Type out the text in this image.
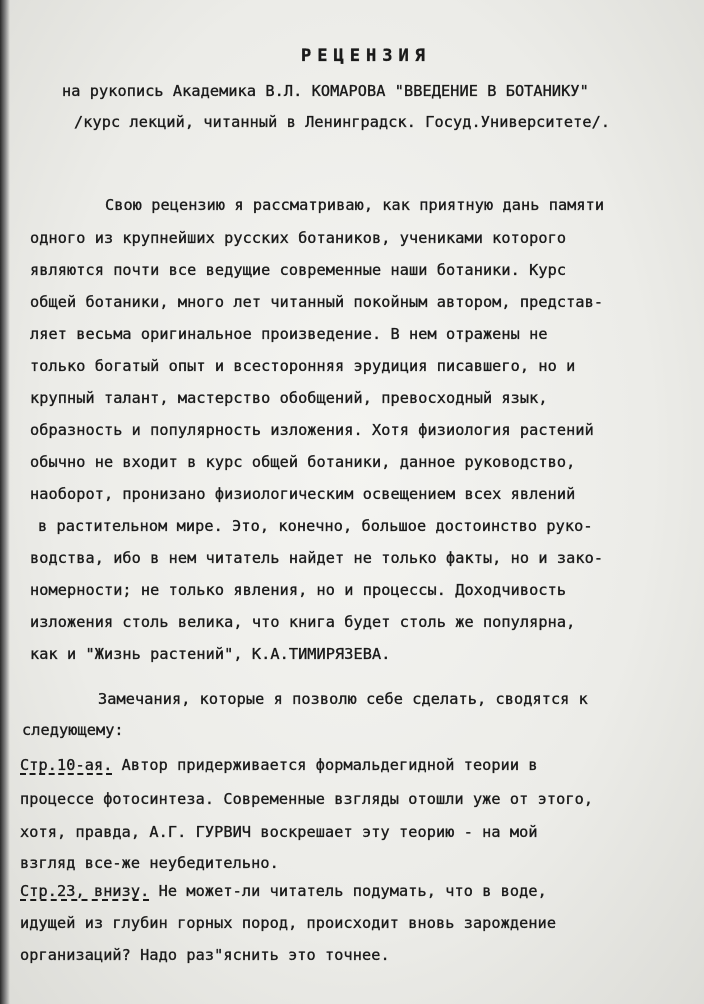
РЕЦЕНЗИЯ
на рукопись Академика В.Л. КОМАРОВА "ВВЕДЕНИЕ В БОТАНИКУ"
/курс лекций, читанный в Ленинградск. Госуд.Университете/.
Свою рецензию я рассматриваю, как приятную дань памяти
одного из крупнейших русских ботаников, учениками которого
являются почти все ведущие современные наши ботаники. Курс
общей ботаники, много лет читанный покойным автором, представ-
ляет весьма оригинальное произведение. В нем отражены не
только богатый опыт и всесторонняя эрудиция писавшего, но и
крупный талант, мастерство обобщений, превосходный язык,
образность и популярность изложения. Хотя физиология растений
обычно не входит в курс общей ботаники, данное руководство,
наоборот, пронизано физиологическим освещением всех явлений
в растительном мире. Это, конечно, большое достоинство руко-
водства, ибо в нем читатель найдет не только факты, но и зако-
номерности; не только явления, но и процессы. Доходчивость
изложения столь велика, что книга будет столь же популярна,
как и "Жизнь растений", К.А.ТИМИРЯЗЕВА.
Замечания, которые я позволю себе сделать, сводятся к
следующему:
Стр.10-ая. Автор придерживается формальдегидной теории в
процессе фотосинтеза. Современные взгляды отошли уже от этого,
хотя, правда, А.Г. ГУРВИЧ воскрешает эту теорию - на мой
взгляд все-же неубедительно.
Стр.23, внизу. Не может-ли читатель подумать, что в воде,
идущей из глубин горных пород, происходит вновь зарождение
организаций? Надо раз"яснить это точнее.
